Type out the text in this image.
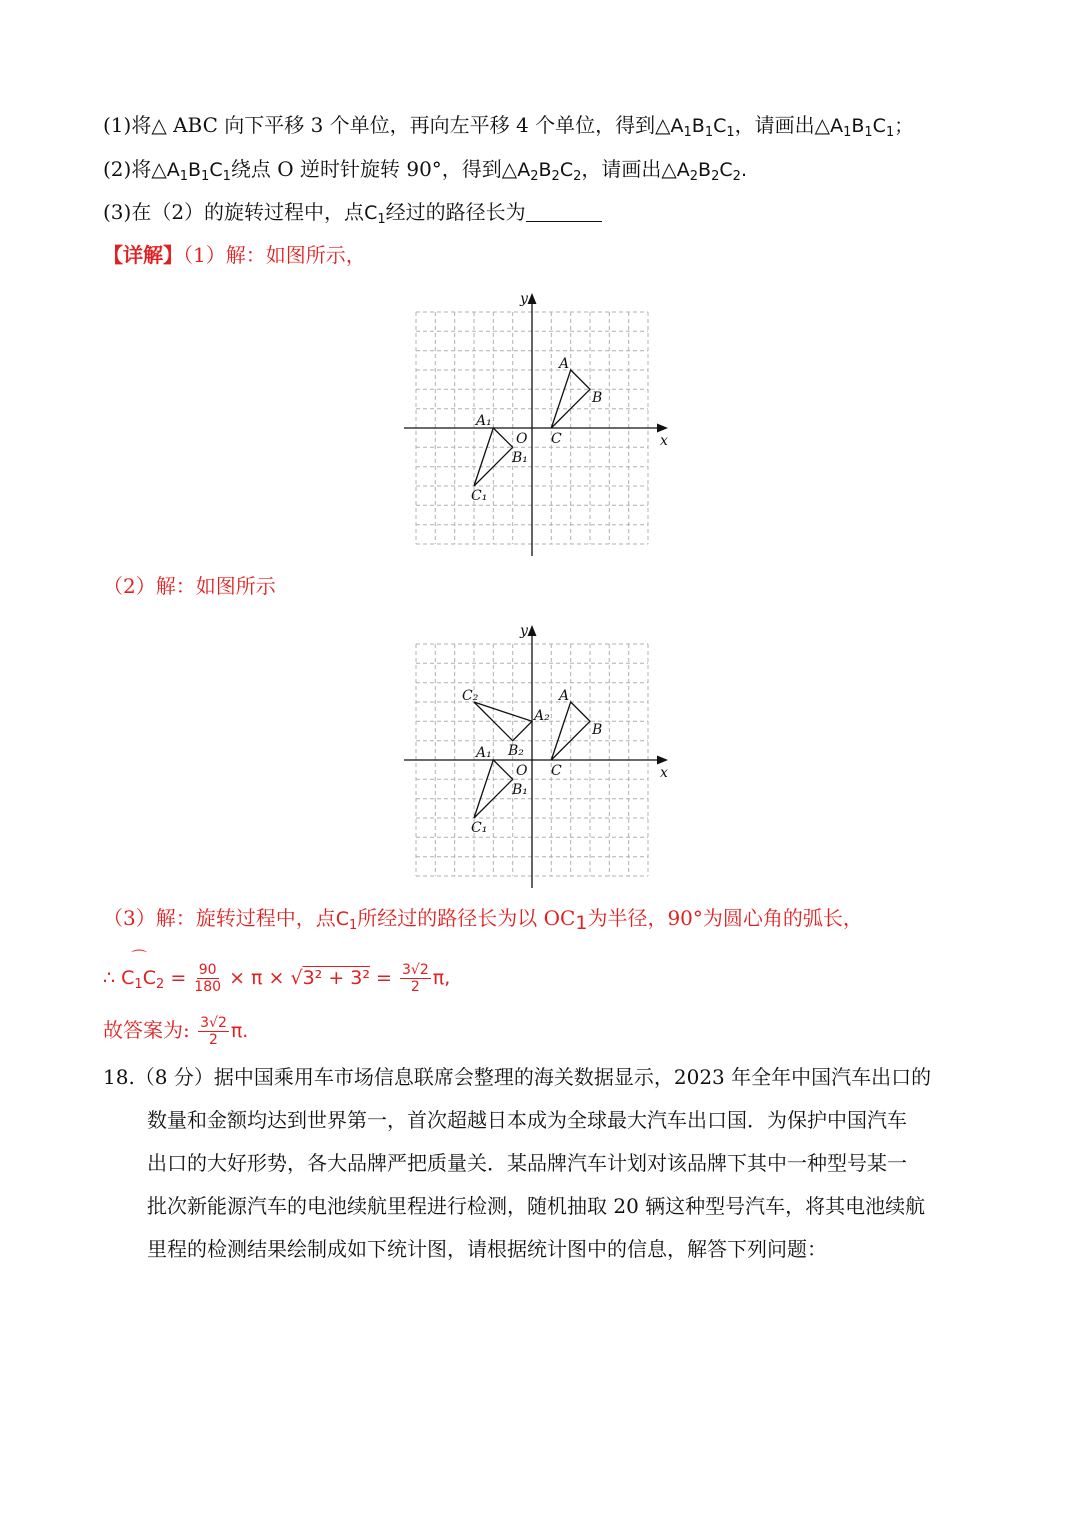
(1)将△ ABC 向下平移 3 个单位，再向左平移 4 个单位，得到$\triangle A_1B_1C_1$，请画出$\triangle A_1B_1C_1$；
(2)将$\triangle A_1B_1C_1$绕点 O 逆时针旋转 90°，得到$\triangle A_2B_2C_2$，请画出$\triangle A_2B_2C_2$.
(3)在（2）的旋转过程中，点$C_1$经过的路径长为
【详解】（1）解：如图所示，
y
x
O
A
B
C
A₁
B₁
C₁
（2）解：如图所示
y
x
O
A
B
C
A₁
B₁
C₁
A₂
B₂
C₂
（3）解：旋转过程中，点$C_1$所经过的路径长为以 $OC_1$为半径，90°为圆心角的弧长，
∴ ⌒ $C_1C_2 = \frac{90}{180} \times \pi \times √3^2 + 3^2 = \frac{3√2}{2} \pi$,
故答案为: $\frac{3√2}{2} \pi$.
18.（8 分）据中国乘用车市场信息联席会整理的海关数据显示，2023 年全年中国汽车出口的
数量和金额均达到世界第一，首次超越日本成为全球最大汽车出口国．为保护中国汽车
出口的大好形势，各大品牌严把质量关．某品牌汽车计划对该品牌下其中一种型号某一
批次新能源汽车的电池续航里程进行检测，随机抽取 20 辆这种型号汽车，将其电池续航
里程的检测结果绘制成如下统计图，请根据统计图中的信息，解答下列问题：
